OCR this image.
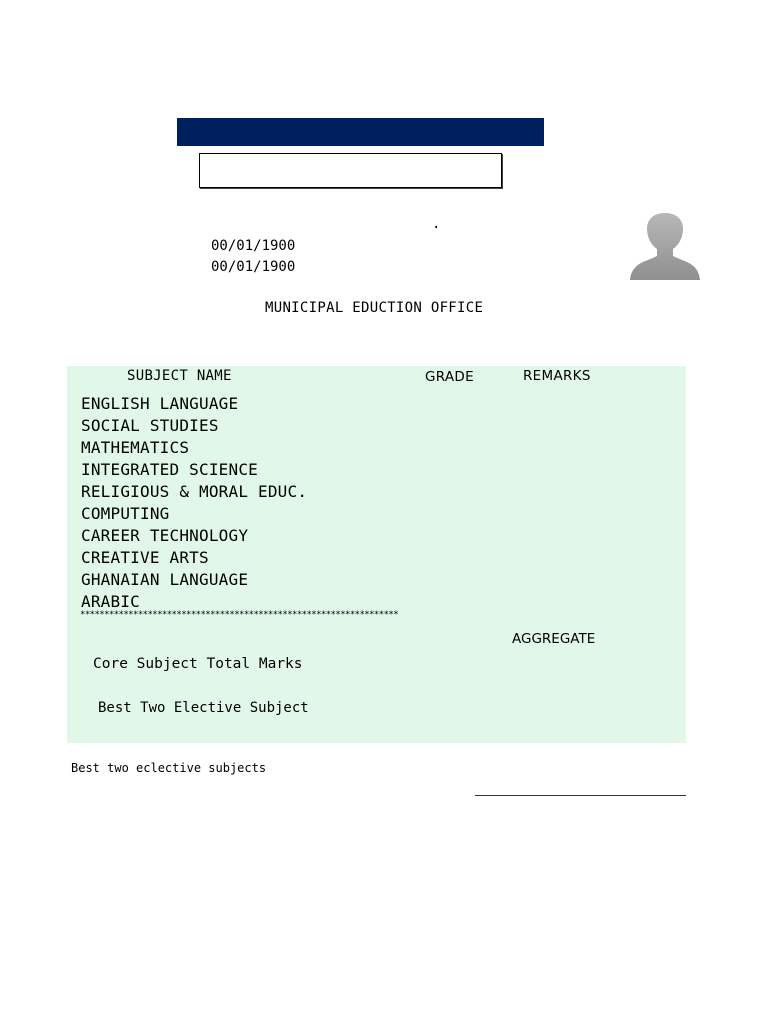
.
00/01/1900
00/01/1900
MUNICIPAL EDUCTION OFFICE
SUBJECT NAME	GRADE	REMARKS
ENGLISH LANGUAGE
SOCIAL STUDIES
MATHEMATICS
INTEGRATED SCIENCE
RELIGIOUS & MORAL EDUC.
COMPUTING
CAREER TECHNOLOGY
CREATIVE ARTS
GHANAIAN LANGUAGE
ARABIC
******************************************************************
AGGREGATE
Core Subject Total Marks
Best Two Elective Subject
Best two eclective subjects
